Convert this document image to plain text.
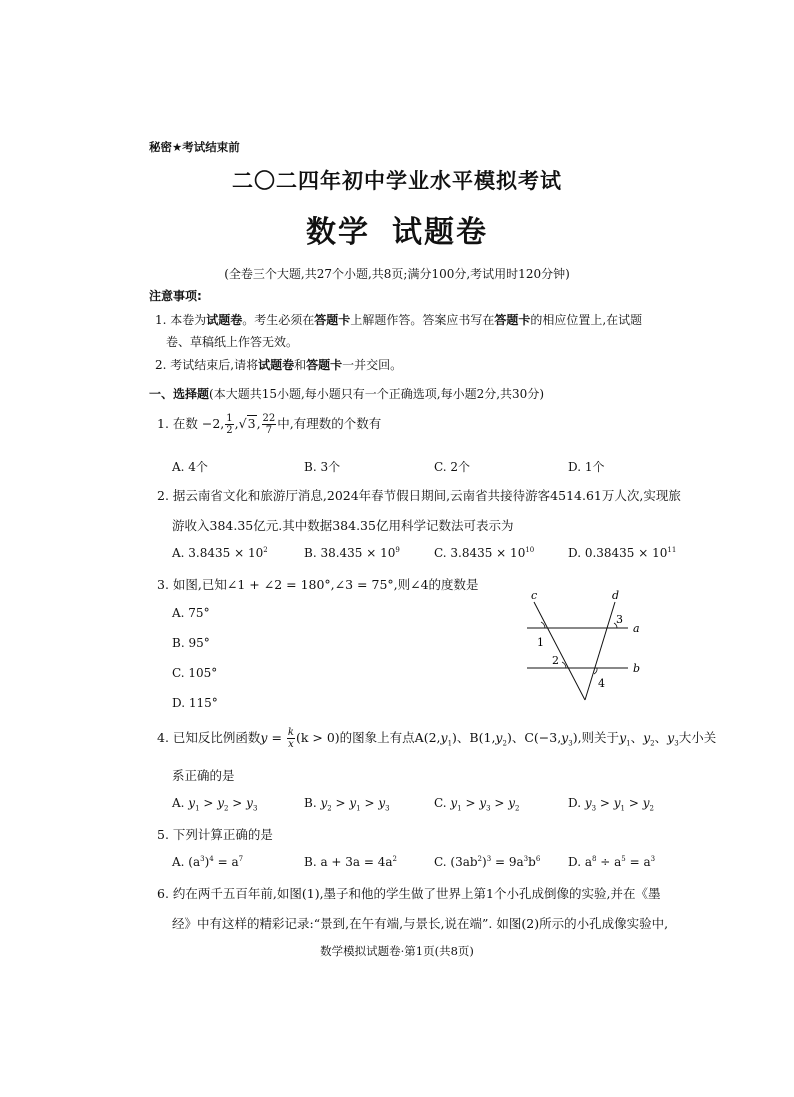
秘密★考试结束前
二〇二四年初中学业水平模拟考试
数学 试题卷
(全卷三个大题,共27个小题,共8页;满分100分,考试用时120分钟)
注意事项:
1. 本卷为试题卷。考生必须在答题卡上解题作答。答案应书写在答题卡的相应位置上,在试题
卷、草稿纸上作答无效。
2. 考试结束后,请将试题卷和答题卡一并交回。
一、选择题(本大题共15小题,每小题只有一个正确选项,每小题2分,共30分)
1. 在数 −2, $\frac{1}{2} ,√3$, $\frac{22}{7}$ 中,有理数的个数有
A. 4个	B. 3个	C. 2个	D. 1个
2. 据云南省文化和旅游厅消息,2024年春节假日期间,云南省共接待游客4514.61万人次,实现旅
游收入384.35亿元.其中数据384.35亿用科学记数法可表示为
A. $3.8435 \times 10^2$	B. $38.435 \times 10^9$	C. $3.8435 \times 10^{10}$	D. $0.38435 \times 10^{11}$
3. 如图,已知∠1 + ∠2 = 180°,∠3 = 75°,则∠4的度数是
A. 75°
B. 95°
C. 105°
D. 115°
c	d
a
b
1
2
3
4
4. 已知反比例函数$y = \frac{k}{x} (k > 0)$的图象上有点$A(2,y_1)$、$B(1,y_2)$、$C(-3,y_3)$,则关于$y_1$、$y_2$、$y_3$大小关
系正确的是
A. $y_1 > y_2 > y_3$	B. $y_2 > y_1 > y_3$	C. $y_1 > y_3 > y_2$	D. $y_3 > y_1 > y_2$
5. 下列计算正确的是
A. $(a^3)^4 = a^7$	B. $a + 3a = 4a^2$	C. $(3ab^2)^3 = 9a^3b^6$ D. $a^8 \div a^5 = a^3$
6. 约在两千五百年前,如图(1),墨子和他的学生做了世界上第1个小孔成倒像的实验,并在《墨
经》中有这样的精彩记录:“景到,在午有端,与景长,说在端”. 如图(2)所示的小孔成像实验中,
数学模拟试题卷·第1页(共8页)
